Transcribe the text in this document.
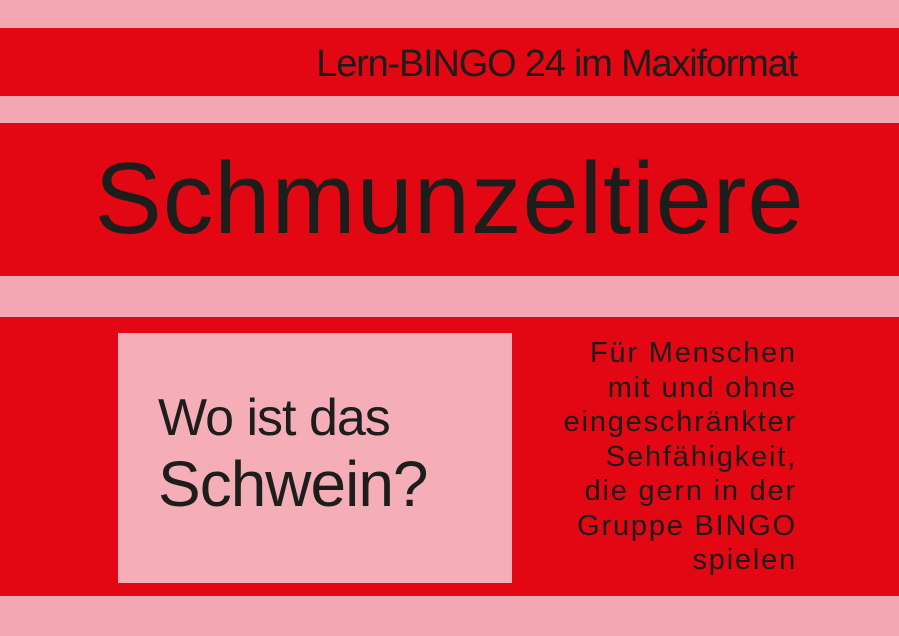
Lern-BINGO 24 im Maxiformat
Schmunzeltiere
Wo ist das
Schwein?
Für Menschen
mit und ohne
eingeschränkter
Sehfähigkeit,
die gern in der
Gruppe BINGO
spielen
